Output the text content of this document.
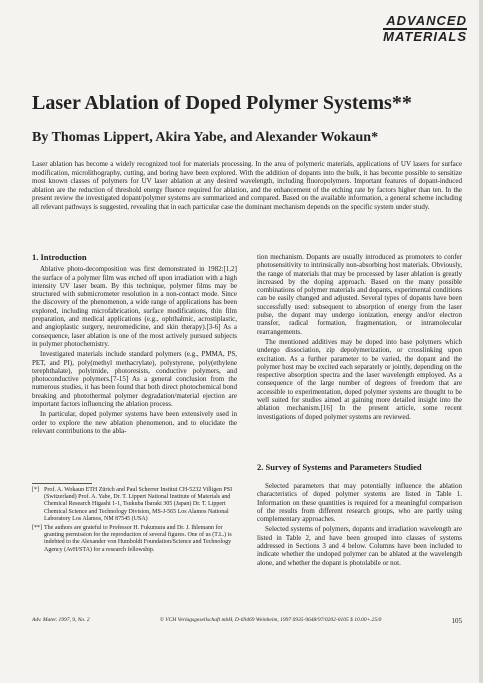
ADVANCED
MATERIALS
Laser Ablation of Doped Polymer Systems**
By Thomas Lippert, Akira Yabe, and Alexander Wokaun*
Laser ablation has become a widely recognized tool for materials processing. In the area of polymeric materials, applications of UV lasers for surface modification, microlithography, cutting, and boring have been explored. With the addition of dopants into the bulk, it has become possible to sensitize most known classes of polymers for UV laser ablation at any desired wavelength, including fluoropolymers. Important features of dopant-induced ablation are the reduction of threshold energy fluence required for ablation, and the enhancement of the etching rate by factors higher than ten. In the present review the investigated dopant/polymer systems are summarized and compared. Based on the available information, a general scheme including all relevant pathways is suggested, revealing that in each particular case the dominant mechanism depends on the specific system under study.
1. Introduction

Ablative photo-decomposition was first demonstrated in 1982:[1,2] the surface of a polymer film was etched off upon irradiation with a high intensity UV laser beam. By this technique, polymer films may be structured with submicrometer resolution in a non-contact mode. Since the discovery of the phenomenon, a wide range of applications has been explored, including microfabrication, surface modifications, thin film preparation, and medical applications (e.g., ophthalmic, acrostiplastic, and angioplastic surgery, neuromedicine, and skin therapy).[3-6] As a consequence, laser ablation is one of the most actively pursued subjects in polymer photochemistry.

Investigated materials include standard polymers (e.g., PMMA, PS, PET, and PI), poly(methyl methacrylate), polystyrene, poly(ethylene terephthalate), polyimide, photoresists, conductive polymers, and photoconductive polymers.[7-15] As a general conclusion from the numerous studies, it has been found that both direct photochemical bond breaking and photothermal polymer degradation/material ejection are important factors influencing the ablation process.

In particular, doped polymer systems have been extensively used in order to explore the new ablation phenomenon, and to elucidate the relevant contributions to the abla-

[*] Prof. A. Wokaun ETH Zürich and Paul Scherrer Institut CH-5232 Villigen PSI (Switzerland) Prof. A. Yabe, Dr. T. Lippert National Institute of Materials and Chemical Research Higashi 1-1, Tsukuba Ibaraki 305 (Japan) Dr. T. Lippert Chemical Science and Technology Division, MS-J-565 Los Alamos National Laboratory Los Alamos, NM 87545 (USA)
[**] The authors are grateful to Professor H. Fukumura and Dr. J. Ihlemann for granting permission for the reproduction of several figures. One of us (T.L.) is indebted to the Alexander von Humboldt Foundation/Science and Technology Agency (AvH/STA) for a research fellowship.

tion mechanism. Dopants are usually introduced as promoters to confer photosensitivity to intrinsically non-absorbing host materials. Obviously, the range of materials that may be processed by laser ablation is greatly increased by the doping approach. Based on the many possible combinations of polymer materials and dopants, experimental conditions can be easily changed and adjusted. Several types of dopants have been successfully used: subsequent to absorption of energy from the laser pulse, the dopant may undergo ionization, energy and/or electron transfer, radical formation, fragmentation, or intramolecular rearrangements.

The mentioned additives may be doped into base polymers which undergo dissociation, zip depolymerization, or crosslinking upon excitation. As a further parameter to be varied, the dopant and the polymer host may be excited each separately or jointly, depending on the respective absorption spectra and the laser wavelength employed. As a consequence of the large number of degrees of freedom that are accessible to experimentation, doped polymer systems are thought to be well suited for studies aimed at gaining more detailed insight into the ablation mechanism.[16] In the present article, some recent investigations of doped polymer systems are reviewed.

2. Survey of Systems and Parameters Studied

Selected parameters that may potentially influence the ablation characteristics of doped polymer systems are listed in Table 1. Information on these quantities is required for a meaningful comparison of the results from different research groups, who are partly using complementary approaches.

Selected systems of polymers, dopants and irradiation wavelength are listed in Table 2, and have been grouped into classes of systems addressed in Sections 3 and 4 below. Columns have been included to indicate whether the undoped polymer can be ablated at the wavelength alone, and whether the dopant is photolabile or not.

Adv. Mater. 1997, 9, No. 2	© VCH Verlagsgesellschaft mbH, D-69469 Weinheim, 1997 0935-9648/97/0202-0105 $ 10.00+.25/0	105
